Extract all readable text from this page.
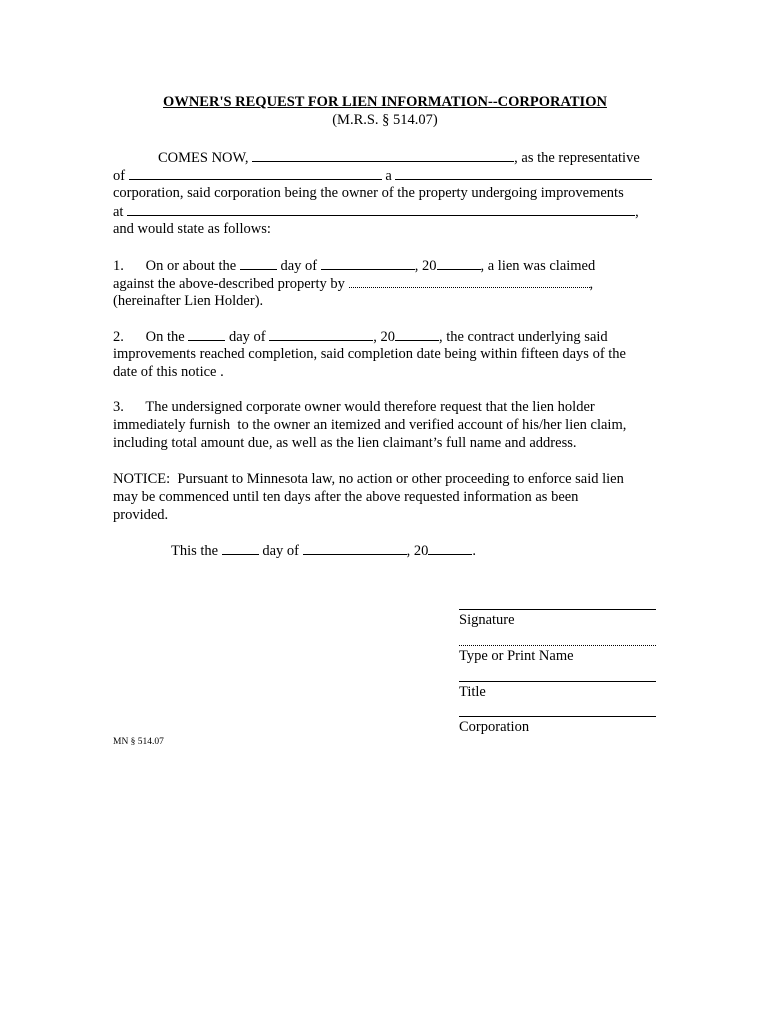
OWNER'S REQUEST FOR LIEN INFORMATION--CORPORATION

(M.R.S. § 514.07)

COMES NOW,	, as the representative

of	a

corporation, said corporation being the owner of the property undergoing improvements

at	,

and would state as follows:

1. On or about the	day of	, 20	, a lien was claimed

against the above-described property by	,

(hereinafter Lien Holder).

2. On the	day of	, 20	, the contract underlying said

improvements reached completion, said completion date being within fifteen days of the

date of this notice .

3. The undersigned corporate owner would therefore request that the lien holder

immediately furnish  to the owner an itemized and verified account of his/her lien claim,

including total amount due, as well as the lien claimant’s full name and address.

NOTICE:  Pursuant to Minnesota law, no action or other proceeding to enforce said lien

may be commenced until ten days after the above requested information as been

provided.

This the	day of	, 20	.

Signature

Type or Print Name

Title

Corporation

MN § 514.07
